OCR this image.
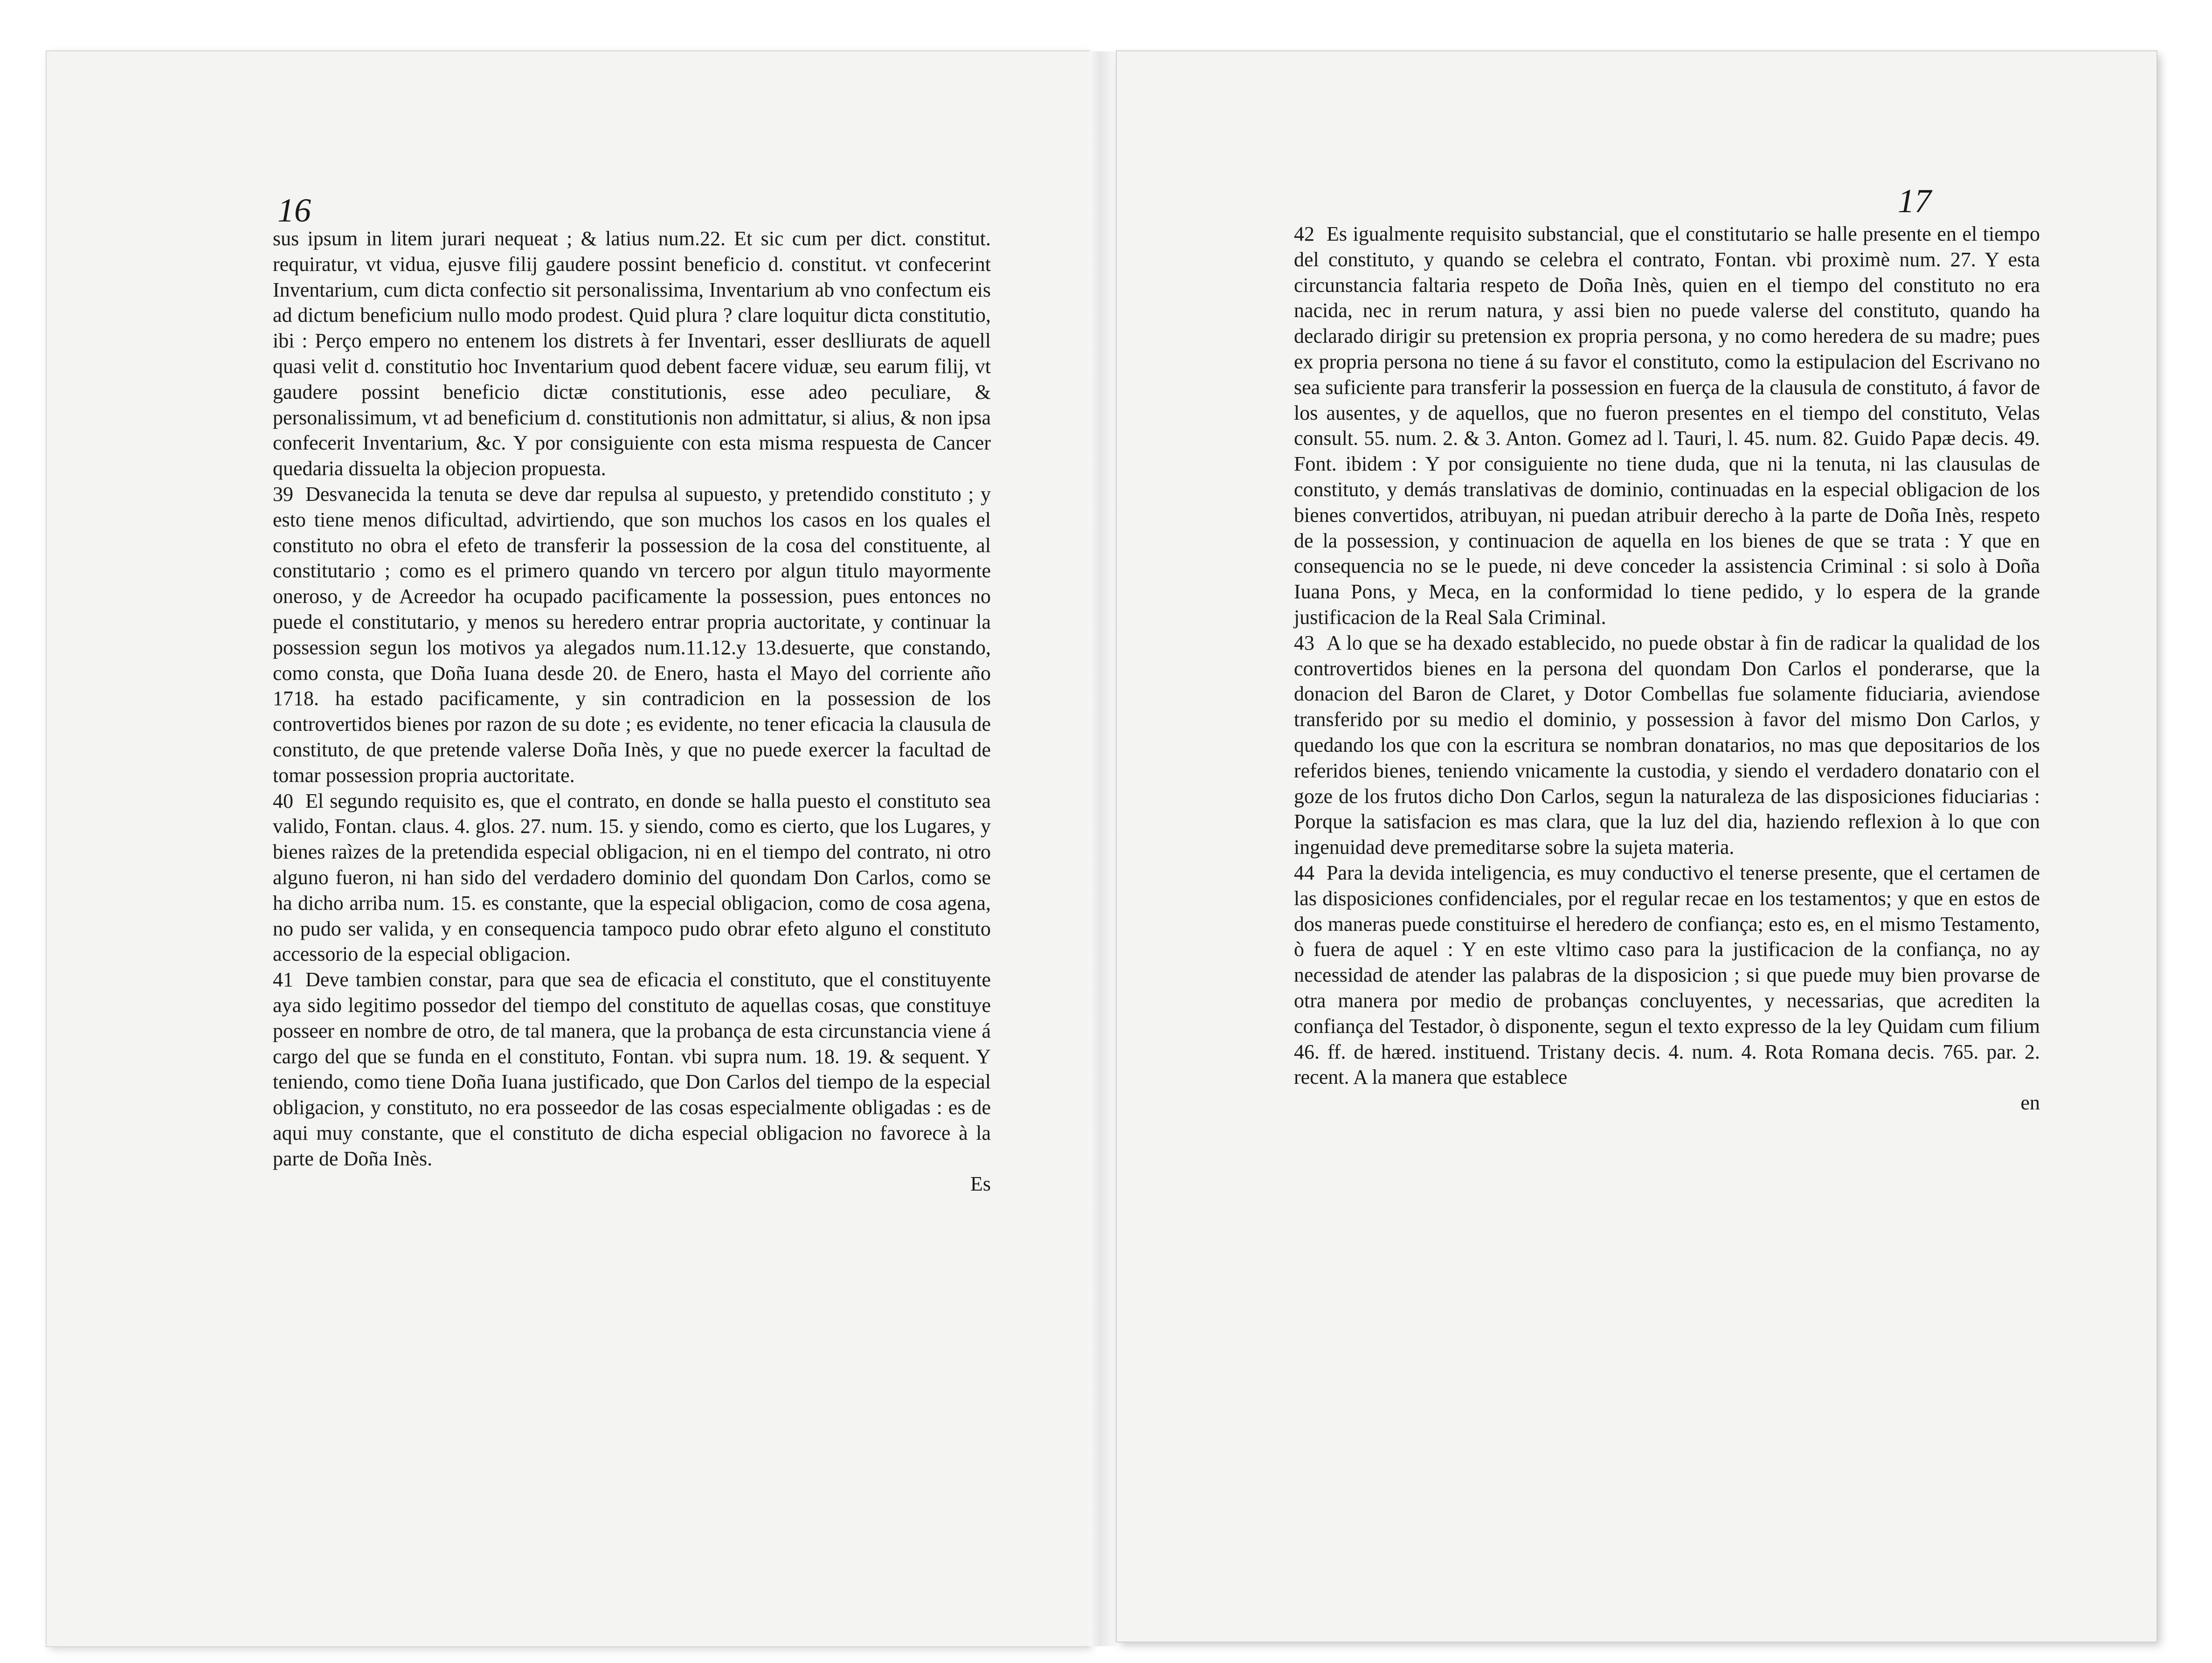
16

sus ipsum in litem jurari nequeat ; & latius num.22. Et sic cum per dict. constitut. requiratur, vt vidua, ejusve filij gaudere possint beneficio d. constitut. vt confecerint Inventarium, cum dicta confectio sit personalissima, Inventarium ab vno confectum eis ad dictum beneficium nullo modo prodest. Quid plura ? clare loquitur dicta constitutio, ibi : Perço empero no entenem los distrets à fer Inventari, esser deslliurats de aquell quasi velit d. constitutio hoc Inventarium quod debent facere viduæ, seu earum filij, vt gaudere possint beneficio dictæ constitutionis, esse adeo peculiare, & personalissimum, vt ad beneficium d. constitutionis non admittatur, si alius, & non ipsa confecerit Inventarium, &c. Y por consiguiente con esta misma respuesta de Cancer quedaria dissuelta la objecion propuesta.

39 Desvanecida la tenuta se deve dar repulsa al supuesto, y pretendido constituto ; y esto tiene menos dificultad, advirtiendo, que son muchos los casos en los quales el constituto no obra el efeto de transferir la possession de la cosa del constituente, al constitutario ; como es el primero quando vn tercero por algun titulo mayormente oneroso, y de Acreedor ha ocupado pacificamente la possession, pues entonces no puede el constitutario, y menos su heredero entrar propria auctoritate, y continuar la possession segun los motivos ya alegados num.11.12.y 13.desuerte, que constando, como consta, que Doña Iuana desde 20. de Enero, hasta el Mayo del corriente año 1718. ha estado pacificamente, y sin contradicion en la possession de los controvertidos bienes por razon de su dote ; es evidente, no tener eficacia la clausula de constituto, de que pretende valerse Doña Inès, y que no puede exercer la facultad de tomar possession propria auctoritate.

40 El segundo requisito es, que el contrato, en donde se halla puesto el constituto sea valido, Fontan. claus. 4. glos. 27. num. 15. y siendo, como es cierto, que los Lugares, y bienes raìzes de la pretendida especial obligacion, ni en el tiempo del contrato, ni otro alguno fueron, ni han sido del verdadero dominio del quondam Don Carlos, como se ha dicho arriba num. 15. es constante, que la especial obligacion, como de cosa agena, no pudo ser valida, y en consequencia tampoco pudo obrar efeto alguno el constituto accessorio de la especial obligacion.

41 Deve tambien constar, para que sea de eficacia el constituto, que el constituyente aya sido legitimo possedor del tiempo del constituto de aquellas cosas, que constituye posseer en nombre de otro, de tal manera, que la probança de esta circunstancia viene á cargo del que se funda en el constituto, Fontan. vbi supra num. 18. 19. & sequent. Y teniendo, como tiene Doña Iuana justificado, que Don Carlos del tiempo de la especial obligacion, y constituto, no era posseedor de las cosas especialmente obligadas : es de aqui muy constante, que el constituto de dicha especial obligacion no favorece à la parte de Doña Inès.

Es
17

42 Es igualmente requisito substancial, que el constitutario se halle presente en el tiempo del constituto, y quando se celebra el contrato, Fontan. vbi proximè num. 27. Y esta circunstancia faltaria respeto de Doña Inès, quien en el tiempo del constituto no era nacida, nec in rerum natura, y assi bien no puede valerse del constituto, quando ha declarado dirigir su pretension ex propria persona, y no como heredera de su madre; pues ex propria persona no tiene á su favor el constituto, como la estipulacion del Escrivano no sea suficiente para transferir la possession en fuerça de la clausula de constituto, á favor de los ausentes, y de aquellos, que no fueron presentes en el tiempo del constituto, Velas consult. 55. num. 2. & 3. Anton. Gomez ad l. Tauri, l. 45. num. 82. Guido Papæ decis. 49. Font. ibidem : Y por consiguiente no tiene duda, que ni la tenuta, ni las clausulas de constituto, y demás translativas de dominio, continuadas en la especial obligacion de los bienes convertidos, atribuyan, ni puedan atribuir derecho à la parte de Doña Inès, respeto de la possession, y continuacion de aquella en los bienes de que se trata : Y que en consequencia no se le puede, ni deve conceder la assistencia Criminal : si solo à Doña Iuana Pons, y Meca, en la conformidad lo tiene pedido, y lo espera de la grande justificacion de la Real Sala Criminal.

43 A lo que se ha dexado establecido, no puede obstar à fin de radicar la qualidad de los controvertidos bienes en la persona del quondam Don Carlos el ponderarse, que la donacion del Baron de Claret, y Dotor Combellas fue solamente fiduciaria, aviendose transferido por su medio el dominio, y possession à favor del mismo Don Carlos, y quedando los que con la escritura se nombran donatarios, no mas que depositarios de los referidos bienes, teniendo vnicamente la custodia, y siendo el verdadero donatario con el goze de los frutos dicho Don Carlos, segun la naturaleza de las disposiciones fiduciarias : Porque la satisfacion es mas clara, que la luz del dia, haziendo reflexion à lo que con ingenuidad deve premeditarse sobre la sujeta materia.

44 Para la devida inteligencia, es muy conductivo el tenerse presente, que el certamen de las disposiciones confidenciales, por el regular recae en los testamentos; y que en estos de dos maneras puede constituirse el heredero de confiança; esto es, en el mismo Testamento, ò fuera de aquel : Y en este vltimo caso para la justificacion de la confiança, no ay necessidad de atender las palabras de la disposicion ; si que puede muy bien provarse de otra manera por medio de probanças concluyentes, y necessarias, que acrediten la confiança del Testador, ò disponente, segun el texto expresso de la ley Quidam cum filium 46. ff. de hæred. instituend. Tristany decis. 4. num. 4. Rota Romana decis. 765. par. 2. recent. A la manera que establece

en
